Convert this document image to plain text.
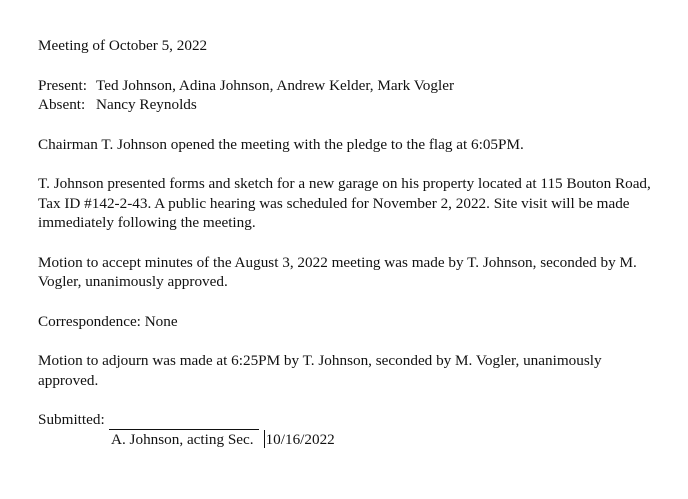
Meeting of October 5, 2022

Present: Ted Johnson, Adina Johnson, Andrew Kelder, Mark Vogler
Absent: Nancy Reynolds

Chairman T. Johnson opened the meeting with the pledge to the flag at 6:05PM.

T. Johnson presented forms and sketch for a new garage on his property located at 115 Bouton Road, Tax ID #142-2-43. A public hearing was scheduled for November 2, 2022. Site visit will be made immediately following the meeting.

Motion to accept minutes of the August 3, 2022 meeting was made by T. Johnson, seconded by M. Vogler, unanimously approved.

Correspondence: None

Motion to adjourn was made at 6:25PM by T. Johnson, seconded by M. Vogler, unanimously approved.

Submitted:
A. Johnson, acting Sec. 10/16/2022
